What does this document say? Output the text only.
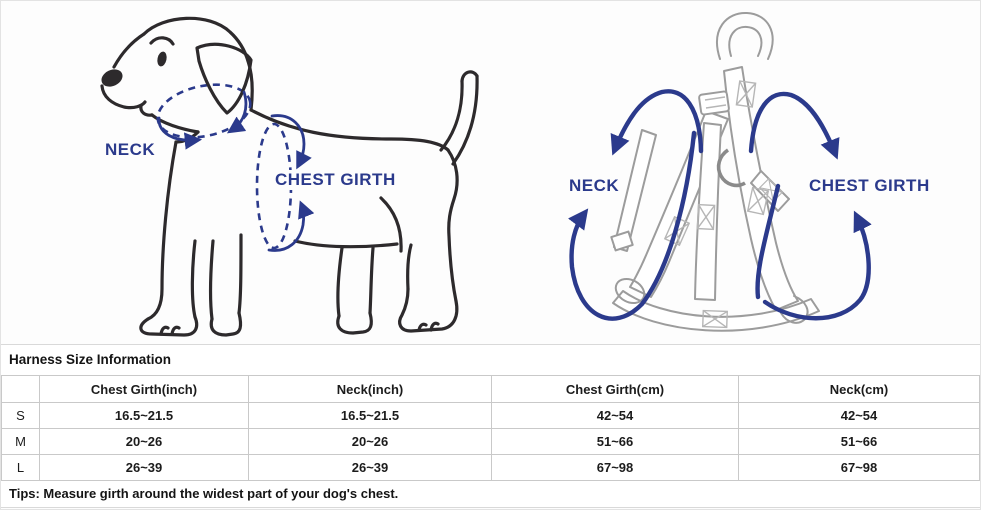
NECK
CHEST GIRTH	NECK	CHEST GIRTH
Harness Size Information
	Chest Girth(inch)	Neck(inch)	Chest Girth(cm)	Neck(cm)
S	16.5~21.5	16.5~21.5	42~54	42~54
M	20~26	20~26	51~66	51~66
L	26~39	26~39	67~98	67~98
Tips: Measure girth around the widest part of your dog's chest.
